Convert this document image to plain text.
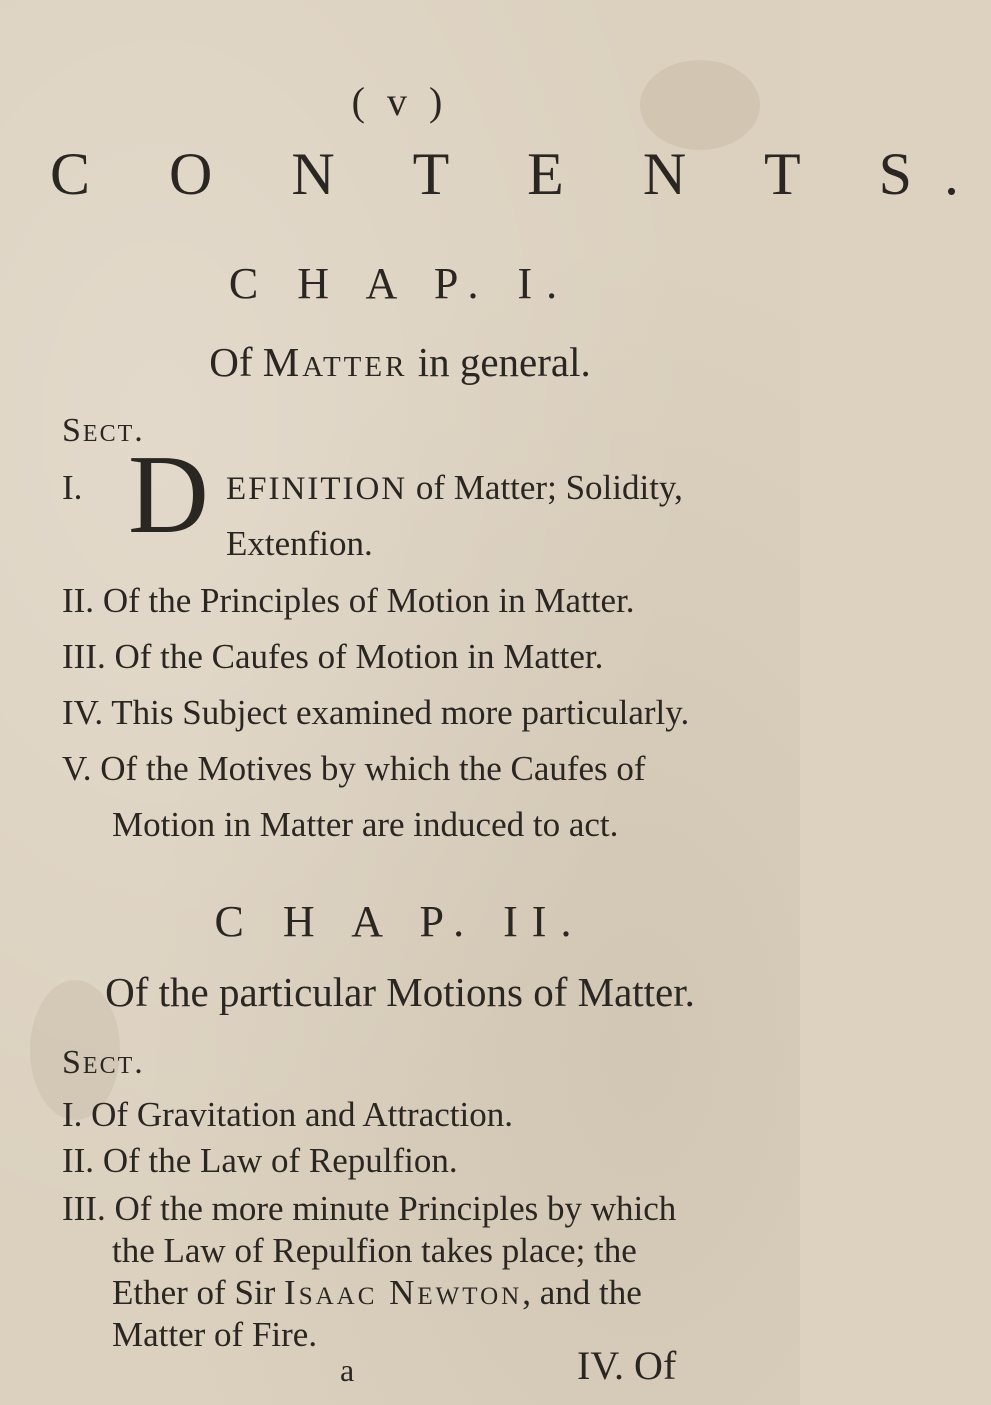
( v )
C O N T E N T S.
C H A P. I.
Of Matter in general.
Sect.
I. D EFINITION of Matter; Solidity,
Extenfion.
II. Of the Principles of Motion in Matter.
III. Of the Caufes of Motion in Matter.
IV. This Subject examined more particularly.
V. Of the Motives by which the Caufes of
Motion in Matter are induced to act.
C H A P. II.
Of the particular Motions of Matter.
Sect.
I. Of Gravitation and Attraction.
II. Of the Law of Repulfion.
III. Of the more minute Principles by which
the Law of Repulfion takes place; the
Ether of Sir Isaac Newton, and the
Matter of Fire.
a	IV. Of
